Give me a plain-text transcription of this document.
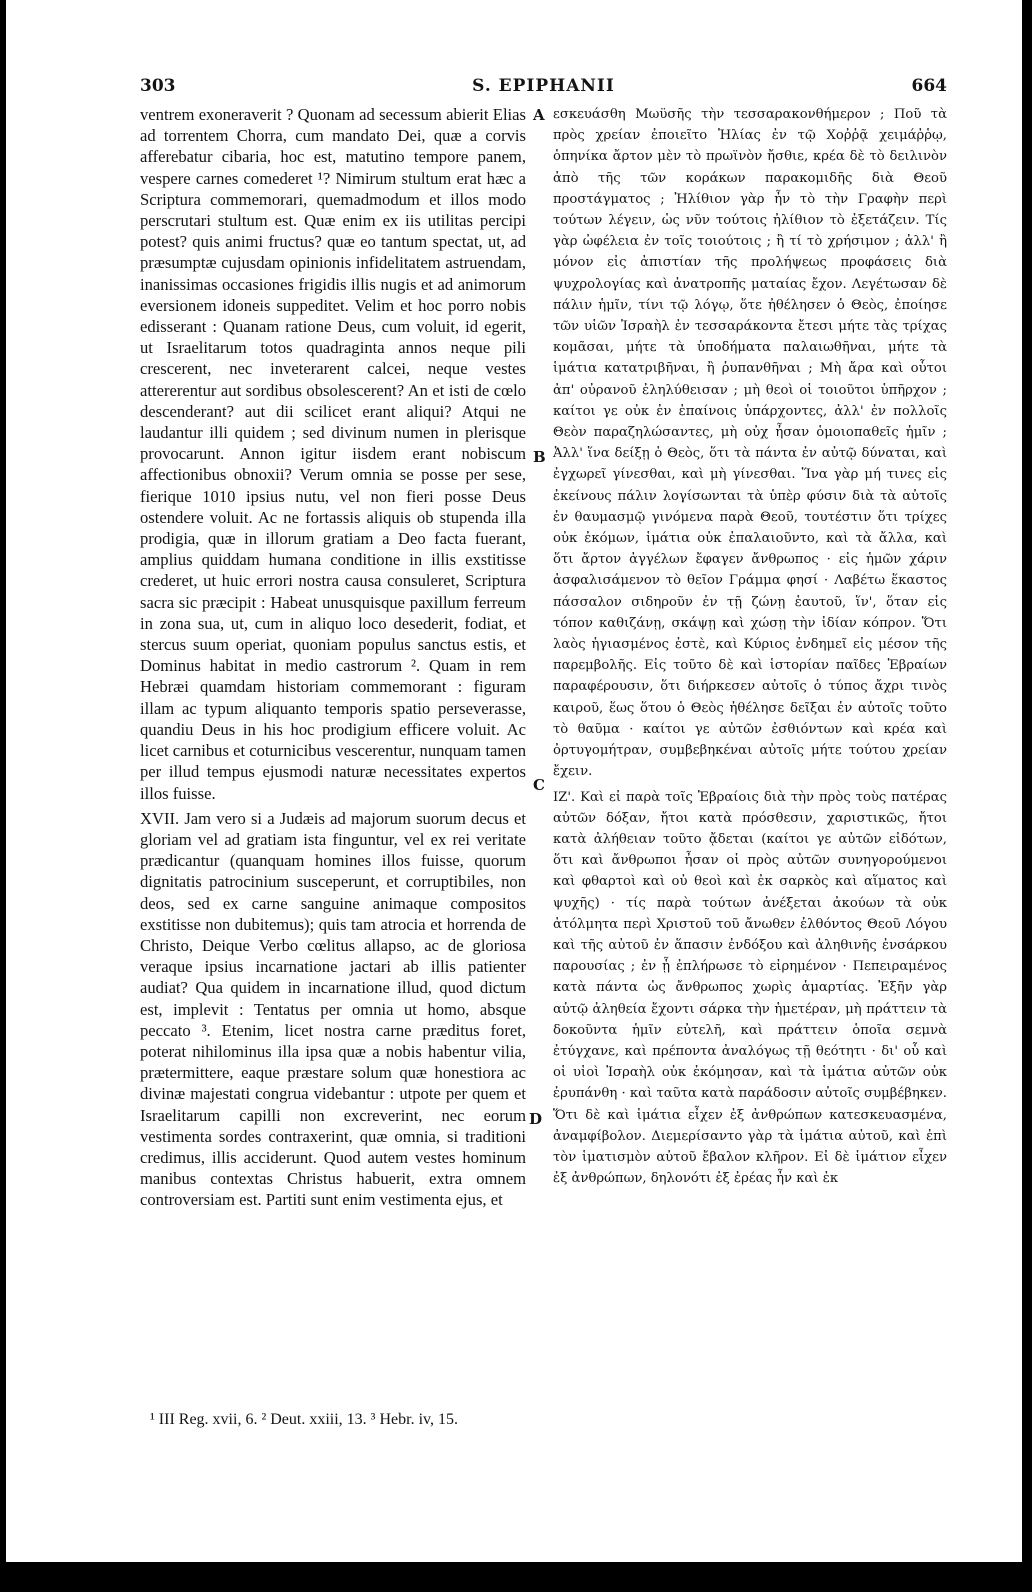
303	S. EPIPHANII	664

ventrem exoneraverit ? Quonam ad secessum abierit Elias ad torrentem Chorra, cum mandato Dei, quæ a corvis afferebatur cibaria, hoc est, matutino tempore panem, vespere carnes comederet ¹? Nimirum stultum erat hæc a Scriptura commemorari, quemadmodum et illos modo perscrutari stultum est. Quæ enim ex iis utilitas percipi potest? quis animi fructus? quæ eo tantum spectat, ut, ad præsumptæ cujusdam opinionis infidelitatem astruendam, inanissimas occasiones frigidis illis nugis et ad animorum eversionem idoneis suppeditet. Velim et hoc porro nobis edisserant : Quanam ratione Deus, cum voluit, id egerit, ut Israelitarum totos quadraginta annos neque pili crescerent, nec inveterarent calcei, neque vestes attererentur aut sordibus obsolescerent? An et isti de cœlo descenderant? aut dii scilicet erant aliqui? Atqui ne laudantur illi quidem ; sed divinum numen in plerisque provocarunt. Annon igitur iisdem erant nobiscum affectionibus obnoxii? Verum omnia se posse per sese, fierique 1010 ipsius nutu, vel non fieri posse Deus ostendere voluit. Ac ne fortassis aliquis ob stupenda illa prodigia, quæ in illorum gratiam a Deo facta fuerant, amplius quiddam humana conditione in illis exstitisse crederet, ut huic errori nostra causa consuleret, Scriptura sacra sic præcipit : Habeat unusquisque paxillum ferreum in zona sua, ut, cum in aliquo loco desederit, fodiat, et stercus suum operiat, quoniam populus sanctus estis, et Dominus habitat in medio castrorum ². Quam in rem Hebræi quamdam historiam commemorant : figuram illam ac typum aliquanto temporis spatio perseverasse, quandiu Deus in his hoc prodigium efficere voluit. Ac licet carnibus et coturnicibus vescerentur, nunquam tamen per illud tempus ejusmodi naturæ necessitates expertos illos fuisse.

XVII. Jam vero si a Judæis ad majorum suorum decus et gloriam vel ad gratiam ista finguntur, vel ex rei veritate prædicantur (quanquam homines illos fuisse, quorum dignitatis patrocinium susceperunt, et corruptibiles, non deos, sed ex carne sanguine animaque compositos exstitisse non dubitemus); quis tam atrocia et horrenda de Christo, Deique Verbo cœlitus allapso, ac de gloriosa veraque ipsius incarnatione jactari ab illis patienter audiat? Qua quidem in incarnatione illud, quod dictum est, implevit : Tentatus per omnia ut homo, absque peccato ³. Etenim, licet nostra carne præditus foret, poterat nihilominus illa ipsa quæ a nobis habentur vilia, prætermittere, eaque præstare solum quæ honestiora ac divinæ majestati congrua videbantur : utpote per quem et Israelitarum capilli non excreverint, nec eorum vestimenta sordes contraxerint, quæ omnia, si traditioni credimus, illis acciderunt. Quod autem vestes hominum manibus contextas Christus habuerit, extra omnem controversiam est. Partiti sunt enim vestimenta ejus, et

A
B
C
D

εσκευάσθη Μωϋσῆς τὴν τεσσαρακονθήμερον ; Ποῦ τὰ πρὸς χρείαν ἐποιεῖτο Ἠλίας ἐν τῷ Χοῤῥᾷ χειμάῤῥῳ, ὁπηνίκα ἄρτον μὲν τὸ πρωϊνὸν ἤσθιε, κρέα δὲ τὸ δειλινὸν ἀπὸ τῆς τῶν κοράκων παρακομιδῆς διὰ Θεοῦ προστάγματος ; Ἠλίθιον γὰρ ἦν τὸ τὴν Γραφὴν περὶ τούτων λέγειν, ὡς νῦν τούτοις ἠλίθιον τὸ ἐξετάζειν. Τίς γὰρ ὠφέλεια ἐν τοῖς τοιούτοις ; ἢ τί τὸ χρήσιμον ; ἀλλ' ἢ μόνον εἰς ἀπιστίαν τῆς προλήψεως προφάσεις διὰ ψυχρολογίας καὶ ἀνατροπῆς ματαίας ἔχον. Λεγέτωσαν δὲ πάλιν ἡμῖν, τίνι τῷ λόγῳ, ὅτε ἠθέλησεν ὁ Θεὸς, ἐποίησε τῶν υἱῶν Ἰσραὴλ ἐν τεσσαράκοντα ἔτεσι μήτε τὰς τρίχας κομᾶσαι, μήτε τὰ ὑποδήματα παλαιωθῆναι, μήτε τὰ ἱμάτια κατατριβῆναι, ἢ ῥυπανθῆναι ; Μὴ ἄρα καὶ οὗτοι ἀπ' οὐρανοῦ ἐληλύθεισαν ; μὴ θεοὶ οἱ τοιοῦτοι ὑπῆρχον ; καίτοι γε οὐκ ἐν ἐπαίνοις ὑπάρχοντες, ἀλλ' ἐν πολλοῖς Θεὸν παραζηλώσαντες, μὴ οὐχ ἦσαν ὁμοιοπαθεῖς ἡμῖν ; Ἀλλ' ἵνα δείξῃ ὁ Θεὸς, ὅτι τὰ πάντα ἐν αὐτῷ δύναται, καὶ ἐγχωρεῖ γίνεσθαι, καὶ μὴ γίνεσθαι. Ἵνα γὰρ μή τινες εἰς ἐκείνους πάλιν λογίσωνται τὰ ὑπὲρ φύσιν διὰ τὰ αὐτοῖς ἐν θαυμασμῷ γινόμενα παρὰ Θεοῦ, τουτέστιν ὅτι τρίχες οὐκ ἐκόμων, ἱμάτια οὐκ ἐπαλαιοῦντο, καὶ τὰ ἄλλα, καὶ ὅτι ἄρτον ἀγγέλων ἔφαγεν ἄνθρωπος · εἰς ἡμῶν χάριν ἀσφαλισάμενον τὸ θεῖον Γράμμα φησί · Λαβέτω ἕκαστος πάσσαλον σιδηροῦν ἐν τῇ ζώνῃ ἑαυτοῦ, ἵν', ὅταν εἰς τόπον καθιζάνῃ, σκάψῃ καὶ χώσῃ τὴν ἰδίαν κόπρον. Ὅτι λαὸς ἡγιασμένος ἐστὲ, καὶ Κύριος ἐνδημεῖ εἰς μέσον τῆς παρεμβολῆς. Εἰς τοῦτο δὲ καὶ ἱστορίαν παῖδες Ἑβραίων παραφέρουσιν, ὅτι διήρκεσεν αὐτοῖς ὁ τύπος ἄχρι τινὸς καιροῦ, ἕως ὅτου ὁ Θεὸς ἠθέλησε δεῖξαι ἐν αὐτοῖς τοῦτο τὸ θαῦμα · καίτοι γε αὐτῶν ἐσθιόντων καὶ κρέα καὶ ὀρτυγομήτραν, συμβεβηκέναι αὐτοῖς μήτε τούτου χρείαν ἔχειν.

ΙΖ'. Καὶ εἰ παρὰ τοῖς Ἑβραίοις διὰ τὴν πρὸς τοὺς πατέρας αὐτῶν δόξαν, ἤτοι κατὰ πρόσθεσιν, χαριστικῶς, ἤτοι κατὰ ἀλήθειαν τοῦτο ᾄδεται (καίτοι γε αὐτῶν εἰδότων, ὅτι καὶ ἄνθρωποι ἦσαν οἱ πρὸς αὐτῶν συνηγορούμενοι καὶ φθαρτοὶ καὶ οὐ θεοὶ καὶ ἐκ σαρκὸς καὶ αἵματος καὶ ψυχῆς) · τίς παρὰ τούτων ἀνέξεται ἀκούων τὰ οὐκ ἀτόλμητα περὶ Χριστοῦ τοῦ ἄνωθεν ἐλθόντος Θεοῦ Λόγου καὶ τῆς αὐτοῦ ἐν ἅπασιν ἐνδόξου καὶ ἀληθινῆς ἐνσάρκου παρουσίας ; ἐν ᾗ ἐπλήρωσε τὸ εἰρημένον · Πεπειραμένος κατὰ πάντα ὡς ἄνθρωπος χωρὶς ἁμαρτίας. Ἐξῆν γὰρ αὐτῷ ἀληθεία ἔχοντι σάρκα τὴν ἡμετέραν, μὴ πράττειν τὰ δοκοῦντα ἡμῖν εὐτελῆ, καὶ πράττειν ὁποῖα σεμνὰ ἐτύγχανε, καὶ πρέποντα ἀναλόγως τῇ θεότητι · δι' οὗ καὶ οἱ υἱοὶ Ἰσραὴλ οὐκ ἐκόμησαν, καὶ τὰ ἱμάτια αὐτῶν οὐκ ἐρυπάνθη · καὶ ταῦτα κατὰ παράδοσιν αὐτοῖς συμβέβηκεν. Ὅτι δὲ καὶ ἱμάτια εἶχεν ἐξ ἀνθρώπων κατεσκευασμένα, ἀναμφίβολον. Διεμερίσαντο γὰρ τὰ ἱμάτια αὐτοῦ, καὶ ἐπὶ τὸν ἱματισμὸν αὐτοῦ ἔβαλον κλῆρον. Εἰ δὲ ἱμάτιον εἶχεν ἐξ ἀνθρώπων, δηλονότι ἐξ ἐρέας ἦν καὶ ἐκ

¹ III Reg. xvii, 6. ² Deut. xxiii, 13. ³ Hebr. iv, 15.
